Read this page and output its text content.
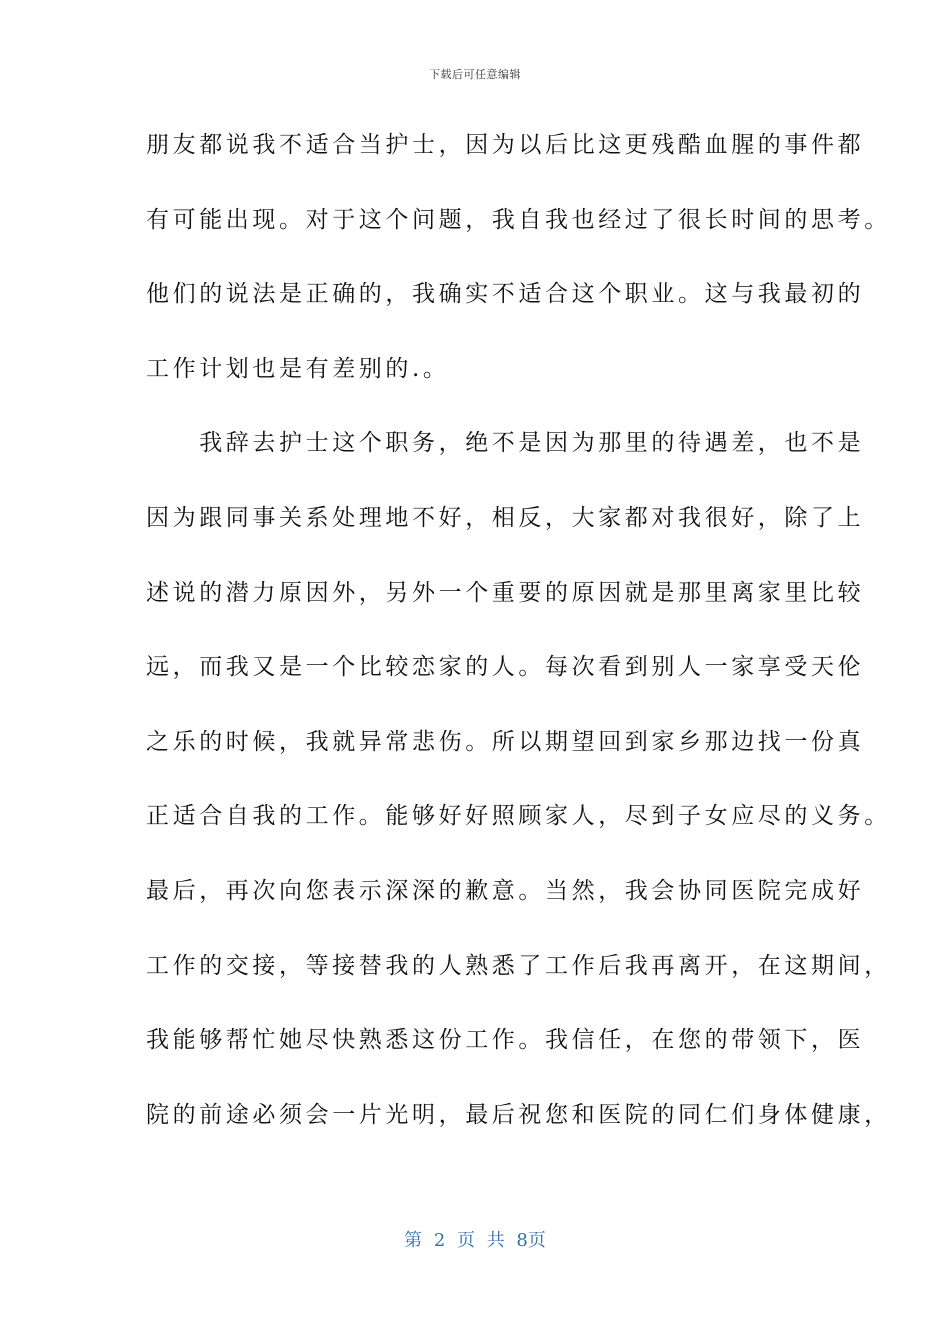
下载后可任意编辑
朋友都说我不适合当护士，因为以后比这更残酷血腥的事件都
有可能出现。对于这个问题，我自我也经过了很长时间的思考。
他们的说法是正确的，我确实不适合这个职业。这与我最初的
工作计划也是有差别的.。
　　我辞去护士这个职务，绝不是因为那里的待遇差，也不是
因为跟同事关系处理地不好，相反，大家都对我很好，除了上
述说的潜力原因外，另外一个重要的原因就是那里离家里比较
远，而我又是一个比较恋家的人。每次看到别人一家享受天伦
之乐的时候，我就异常悲伤。所以期望回到家乡那边找一份真
正适合自我的工作。能够好好照顾家人，尽到子女应尽的义务。
最后，再次向您表示深深的歉意。当然，我会协同医院完成好
工作的交接，等接替我的人熟悉了工作后我再离开，在这期间，
我能够帮忙她尽快熟悉这份工作。我信任，在您的带领下，医
院的前途必须会一片光明，最后祝您和医院的同仁们身体健康，
第 2 页 共 8页
